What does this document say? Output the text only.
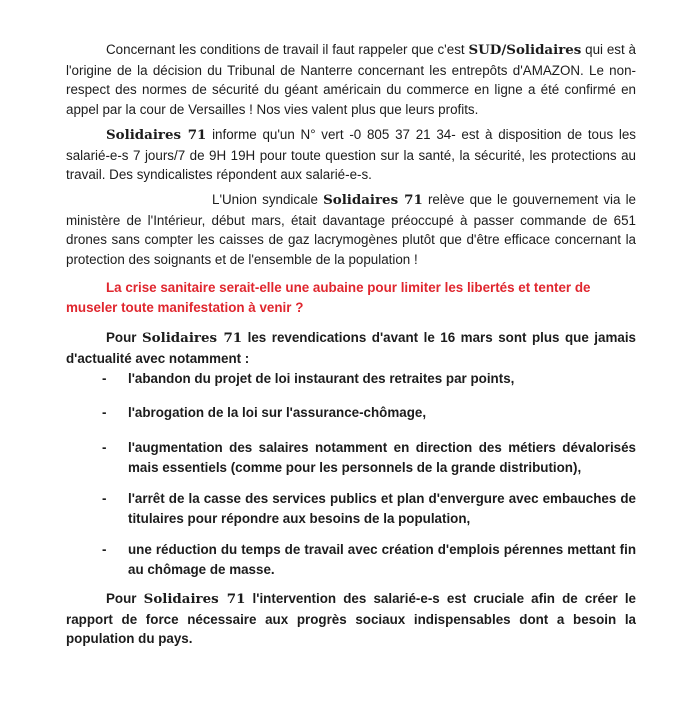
Concernant les conditions de travail il faut rappeler que c'est SUD/Solidaires qui est à l'origine de la décision du Tribunal de Nanterre concernant les entrepôts d'AMAZON. Le non-respect des normes de sécurité du géant américain du commerce en ligne a été confirmé en appel par la cour de Versailles ! Nos vies valent plus que leurs profits.

Solidaires 71 informe qu'un N° vert -0 805 37 21 34- est à disposition de tous les salarié-e-s 7 jours/7 de 9H 19H pour toute question sur la santé, la sécurité, les protections au travail. Des syndicalistes répondent aux salarié-e-s.

L'Union syndicale Solidaires 71 relève que le gouvernement via le ministère de l'Intérieur, début mars, était davantage préoccupé à passer commande de 651 drones sans compter les caisses de gaz lacrymogènes plutôt que d'être efficace concernant la protection des soignants et de l'ensemble de la population !

La crise sanitaire serait-elle une aubaine pour limiter les libertés et tenter de museler toute manifestation à venir ?

Pour Solidaires 71 les revendications d'avant le 16 mars sont plus que jamais d'actualité avec notamment :

- l'abandon du projet de loi instaurant des retraites par points,
- l'abrogation de la loi sur l'assurance-chômage,
- l'augmentation des salaires notamment en direction des métiers dévalorisés mais essentiels (comme pour les personnels de la grande distribution),
- l'arrêt de la casse des services publics et plan d'envergure avec embauches de titulaires pour répondre aux besoins de la population,
- une réduction du temps de travail avec création d'emplois pérennes mettant fin au chômage de masse.

Pour Solidaires 71 l'intervention des salarié-e-s est cruciale afin de créer le rapport de force nécessaire aux progrès sociaux indispensables dont a besoin la population du pays.
